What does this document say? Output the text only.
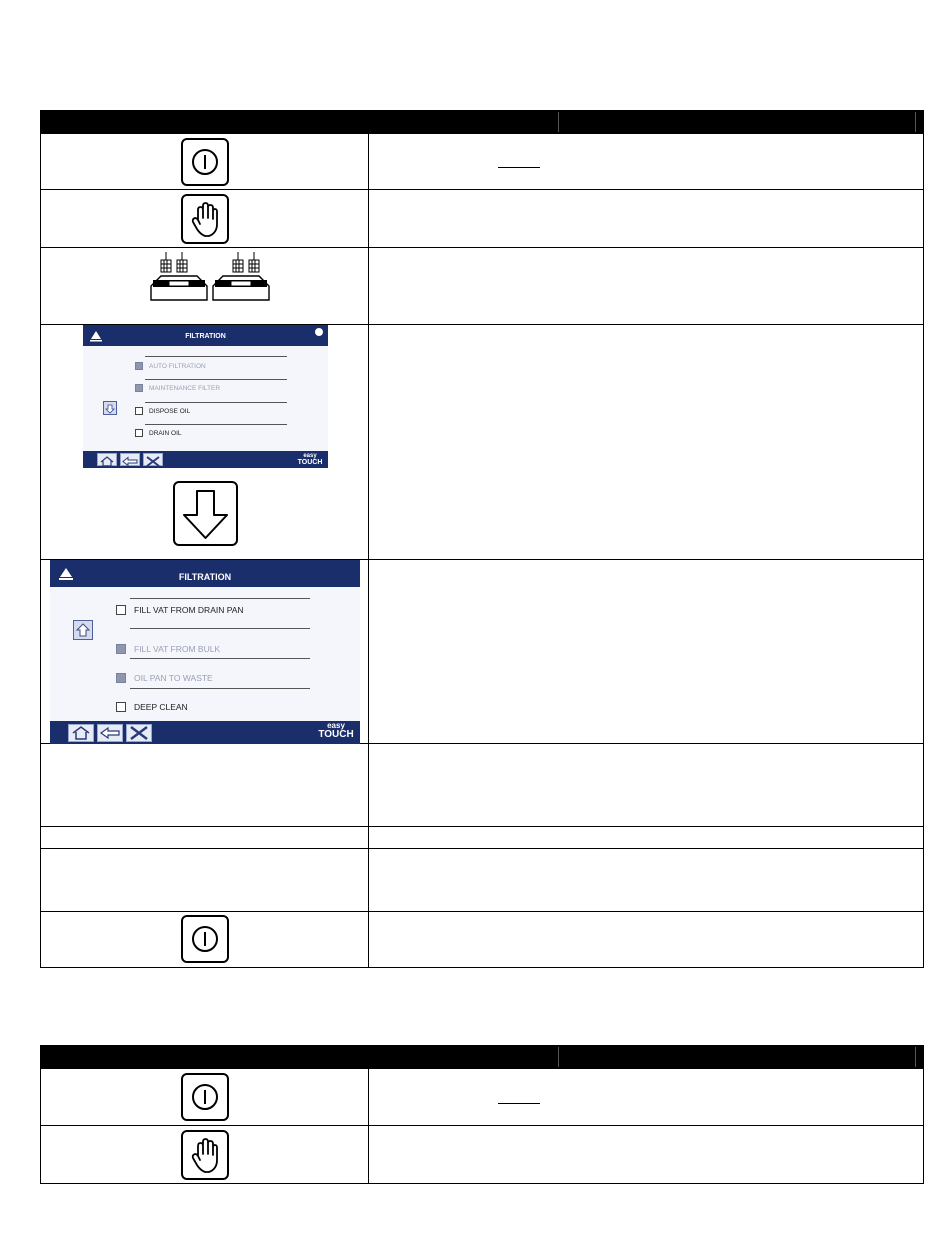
FILTRATION
AUTO FILTRATION
MAINTENANCE FILTER
DISPOSE OIL
DRAIN OIL
easy
TOUCH
FILTRATION
FILL VAT FROM DRAIN PAN
FILL VAT FROM BULK
OIL PAN TO WASTE
DEEP CLEAN
easy
TOUCH
